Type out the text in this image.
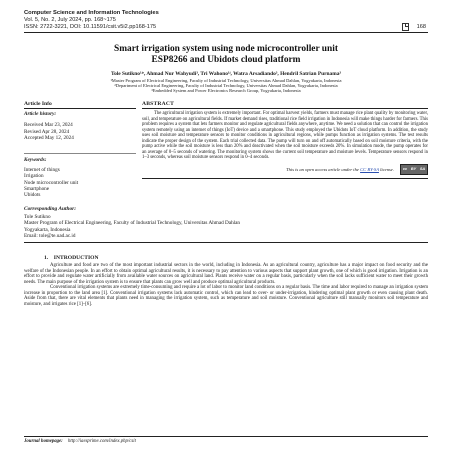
Computer Science and Information Technologies
Vol. 5, No. 2, July 2024, pp. 168~175
ISSN: 2722-3221, DOI: 10.11591/csit.v5i2.pp168-175	168
Smart irrigation system using node microcontroller unit
ESP8266 and Ubidots cloud platform
Tole Sutikno¹ʲʳ, Ahmad Nur Wahyudi³, Tri Wahono¹ʲ, Watra Arsadiando³, Hendril Satrian Purnama³
¹Master Program of Electrical Engineering, Faculty of Industrial Technology, Universitas Ahmad Dahlan, Yogyakarta, Indonesia
²Department of Electrical Engineering, Faculty of Industrial Technology, Universitas Ahmad Dahlan, Yogyakarta, Indonesia
³Embedded System and Power Electronics Research Group, Yogyakarta, Indonesia
Article Info
Article history:
Received Mar 23, 2024
Revised Apr 28, 2024
Accepted May 12, 2024
Keywords:
Internet of things
Irrigation
Node microcontroller unit
Smartphone
Ubidots
ABSTRACT
The agricultural irrigation system is extremely important. For optimal harvest yields, farmers must manage rice plant quality by monitoring water, soil, and temperature on agricultural fields. If market demand rises, traditional rice field irrigation in Indonesia will make things harder for farmers. This problem requires a system that lets farmers monitor and regulate agricultural fields anywhere, anytime. We need a solution that can control the irrigation system remotely using an internet of things (IoT) device and a smartphone. This study employed the Ubidots IoT cloud platform. In addition, the study uses soil moisture and temperature sensors to monitor conditions in agricultural regions, while pumps function as irrigation systems. The test results indicate the proper design of the system. Each trial collected data. The pump will turn on and off automatically based on soil moisture criteria, with the pump active while the soil moisture is less than 20% and deactivated when the soil moisture exceeds 20%. In simulation mode, the pump operates for an average of 0–5 seconds of watering. The monitoring system shows the current soil temperature and moisture levels. Temperature sensors respond in 1–3 seconds, whereas soil moisture sensors respond in 0–4 seconds.
This is an open access article under the CC BY-SA license. cc BY SA
Corresponding Author:
Tole Sutikno
Master Program of Electrical Engineering, Faculty of Industrial Technology, Universitas Ahmad Dahlan
Yogyakarta, Indonesia
Email: tole@te.uad.ac.id
1.    INTRODUCTION

Agriculture and food are two of the most important industrial sectors in the world, including in Indonesia. As an agricultural country, agriculture has a major impact on food security and the welfare of the Indonesian people. In an effort to obtain optimal agricultural results, it is necessary to pay attention to various aspects that support plant growth, one of which is good irrigation. Irrigation is an effort to provide and regulate water artificially from available water sources on agricultural land. Plants receive water on a regular basis, particularly when the soil lacks sufficient water to meet their growth needs. The main purpose of the irrigation system is to ensure that plants can grow well and produce optimal agricultural products.

Conventional irrigation systems are extremely time-consuming and require a lot of labor to monitor land conditions on a regular basis. The time and labor required to manage an irrigation system increase in proportion to the land area [1]. Conventional irrigation systems lack automatic control, which can lead to over- or under-irrigation, hindering optimal plant growth or even causing plant death. Aside from that, there are vital elements that plants need in managing the irrigation system, such as temperature and soil moisture. Conventional agriculture still manually monitors soil temperature and moisture, and irrigates rice [1]–[6].

Journal homepage: http://iaesprime.com/index.php/csit
